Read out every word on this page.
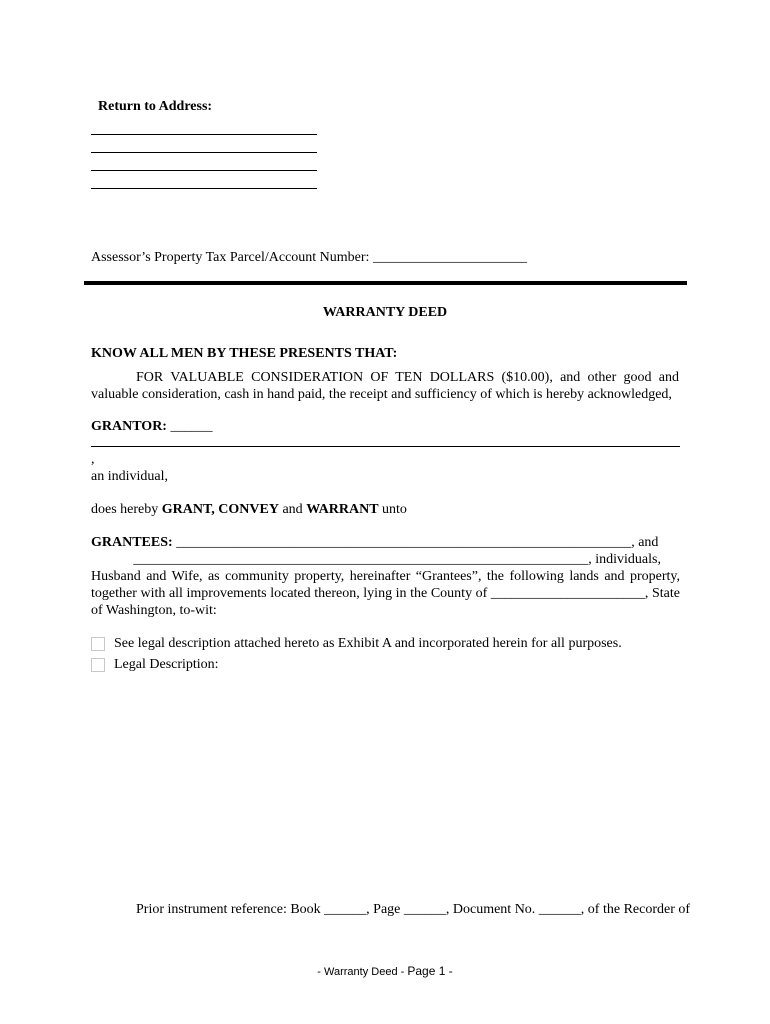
Return to Address:
Assessor’s Property Tax Parcel/Account Number: ______________________
WARRANTY DEED
KNOW ALL MEN BY THESE PRESENTS THAT:
FOR VALUABLE CONSIDERATION OF TEN DOLLARS ($10.00), and other good and
valuable consideration, cash in hand paid, the receipt and sufficiency of which is hereby acknowledged,
GRANTOR: ______
,
an individual,
does hereby GRANT, CONVEY and WARRANT unto
GRANTEES: _________________________________________________________________, and
_________________________________________________________________, individuals,
Husband and Wife, as community property, hereinafter “Grantees”, the following lands and property,
together with all improvements located thereon, lying in the County of ______________________, State
of Washington, to-wit:
See legal description attached hereto as Exhibit A and incorporated herein for all purposes.
Legal Description:
Prior instrument reference: Book ______, Page ______, Document No. ______, of the Recorder of
- Warranty Deed - Page 1 -
